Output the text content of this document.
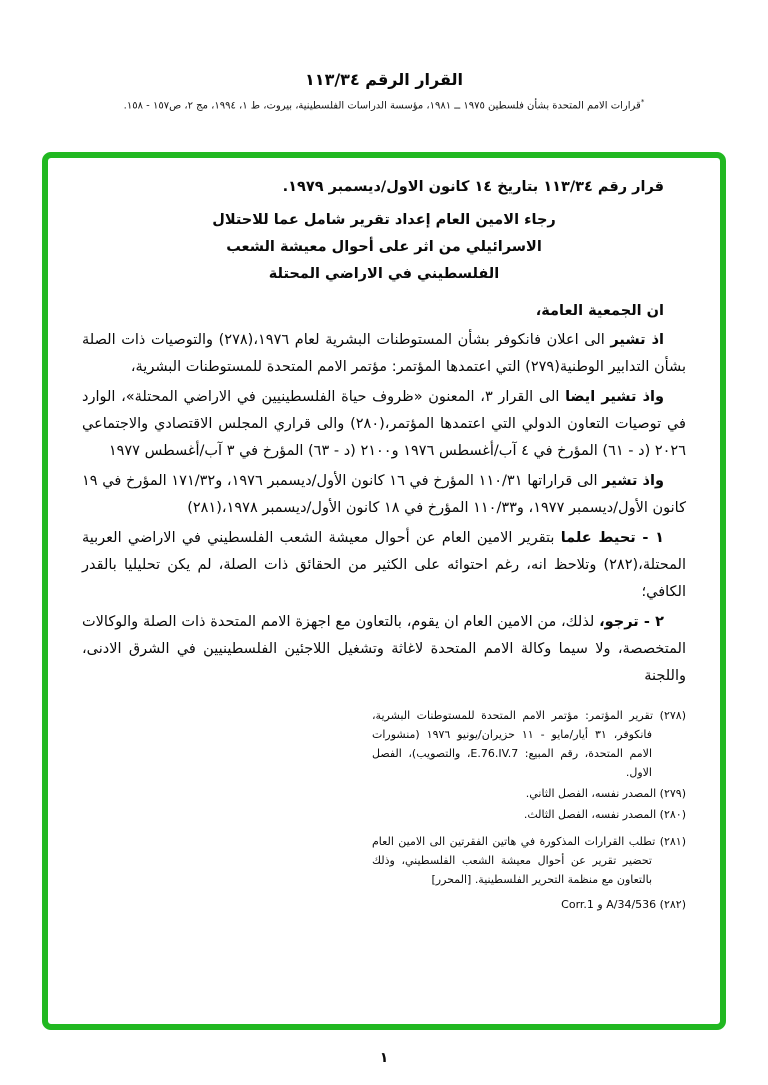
القرار الرقم ١١٣/٣٤
*قرارات الامم المتحدة بشأن فلسطين ١٩٧٥ ــ ١٩٨١، مؤسسة الدراسات الفلسطينية، بيروت، ط ١، ١٩٩٤، مج ٢، ص١٥٧ - ١٥٨.

قرار رقم ١١٣/٣٤ بتاريخ ١٤ كانون الاول/ديسمبر ١٩٧٩.

رجاء الامين العام إعداد تقرير شامل عما للاحتلال
الاسرائيلي من اثر على أحوال معيشة الشعب
الفلسطيني في الاراضي المحتلة

ان الجمعية العامة،

اذ تشير الى اعلان فانكوفر بشأن المستوطنات البشرية لعام ١٩٧٦،(٢٧٨) والتوصيات ذات الصلة بشأن التدابير الوطنية(٢٧٩) التي اعتمدها المؤتمر: مؤتمر الامم المتحدة للمستوطنات البشرية،

واذ تشير ايضا الى القرار ٣، المعنون «ظروف حياة الفلسطينيين في الاراضي المحتلة»، الوارد في توصيات التعاون الدولي التي اعتمدها المؤتمر،(٢٨٠) والى قراري المجلس الاقتصادي والاجتماعي ٢٠٢٦ (د - ٦١) المؤرخ في ٤ آب/أغسطس ١٩٧٦ و٢١٠٠ (د - ٦٣) المؤرخ في ٣ آب/أغسطس ١٩٧٧

واذ تشير الى قراراتها ١١٠/٣١ المؤرخ في ١٦ كانون الأول/ديسمبر ١٩٧٦، و١٧١/٣٢ المؤرخ في ١٩ كانون الأول/ديسمبر ١٩٧٧، و١١٠/٣٣ المؤرخ في ١٨ كانون الأول/ديسمبر ١٩٧٨،(٢٨١)

١ - تحيط علما بتقرير الامين العام عن أحوال معيشة الشعب الفلسطيني في الاراضي العربية المحتلة،(٢٨٢) وتلاحظ انه، رغم احتوائه على الكثير من الحقائق ذات الصلة، لم يكن تحليليا بالقدر الكافي؛

٢ - ترجو، لذلك، من الامين العام ان يقوم، بالتعاون مع اجهزة الامم المتحدة ذات الصلة والوكالات المتخصصة، ولا سيما وكالة الامم المتحدة لاغاثة وتشغيل اللاجئين الفلسطينيين في الشرق الادنى، واللجنة

(٢٧٨) تقرير المؤتمر: مؤتمر الامم المتحدة للمستوطنات البشرية، فانكوفر، ٣١ أيار/مايو - ١١ حزيران/يونيو ١٩٧٦ (منشورات الامم المتحدة، رقم المبيع: E.76.IV.7، والتصويب)، الفصل الاول.

(٢٧٩) المصدر نفسه، الفصل الثاني.

(٢٨٠) المصدر نفسه، الفصل الثالث.

(٢٨١) تطلب القرارات المذكورة في هاتين الفقرتين الى الامين العام تحضير تقرير عن أحوال معيشة الشعب الفلسطيني، وذلك بالتعاون مع منظمة التحرير الفلسطينية. [المحرر]

(٢٨٢) A/34/536 و Corr.1

١
